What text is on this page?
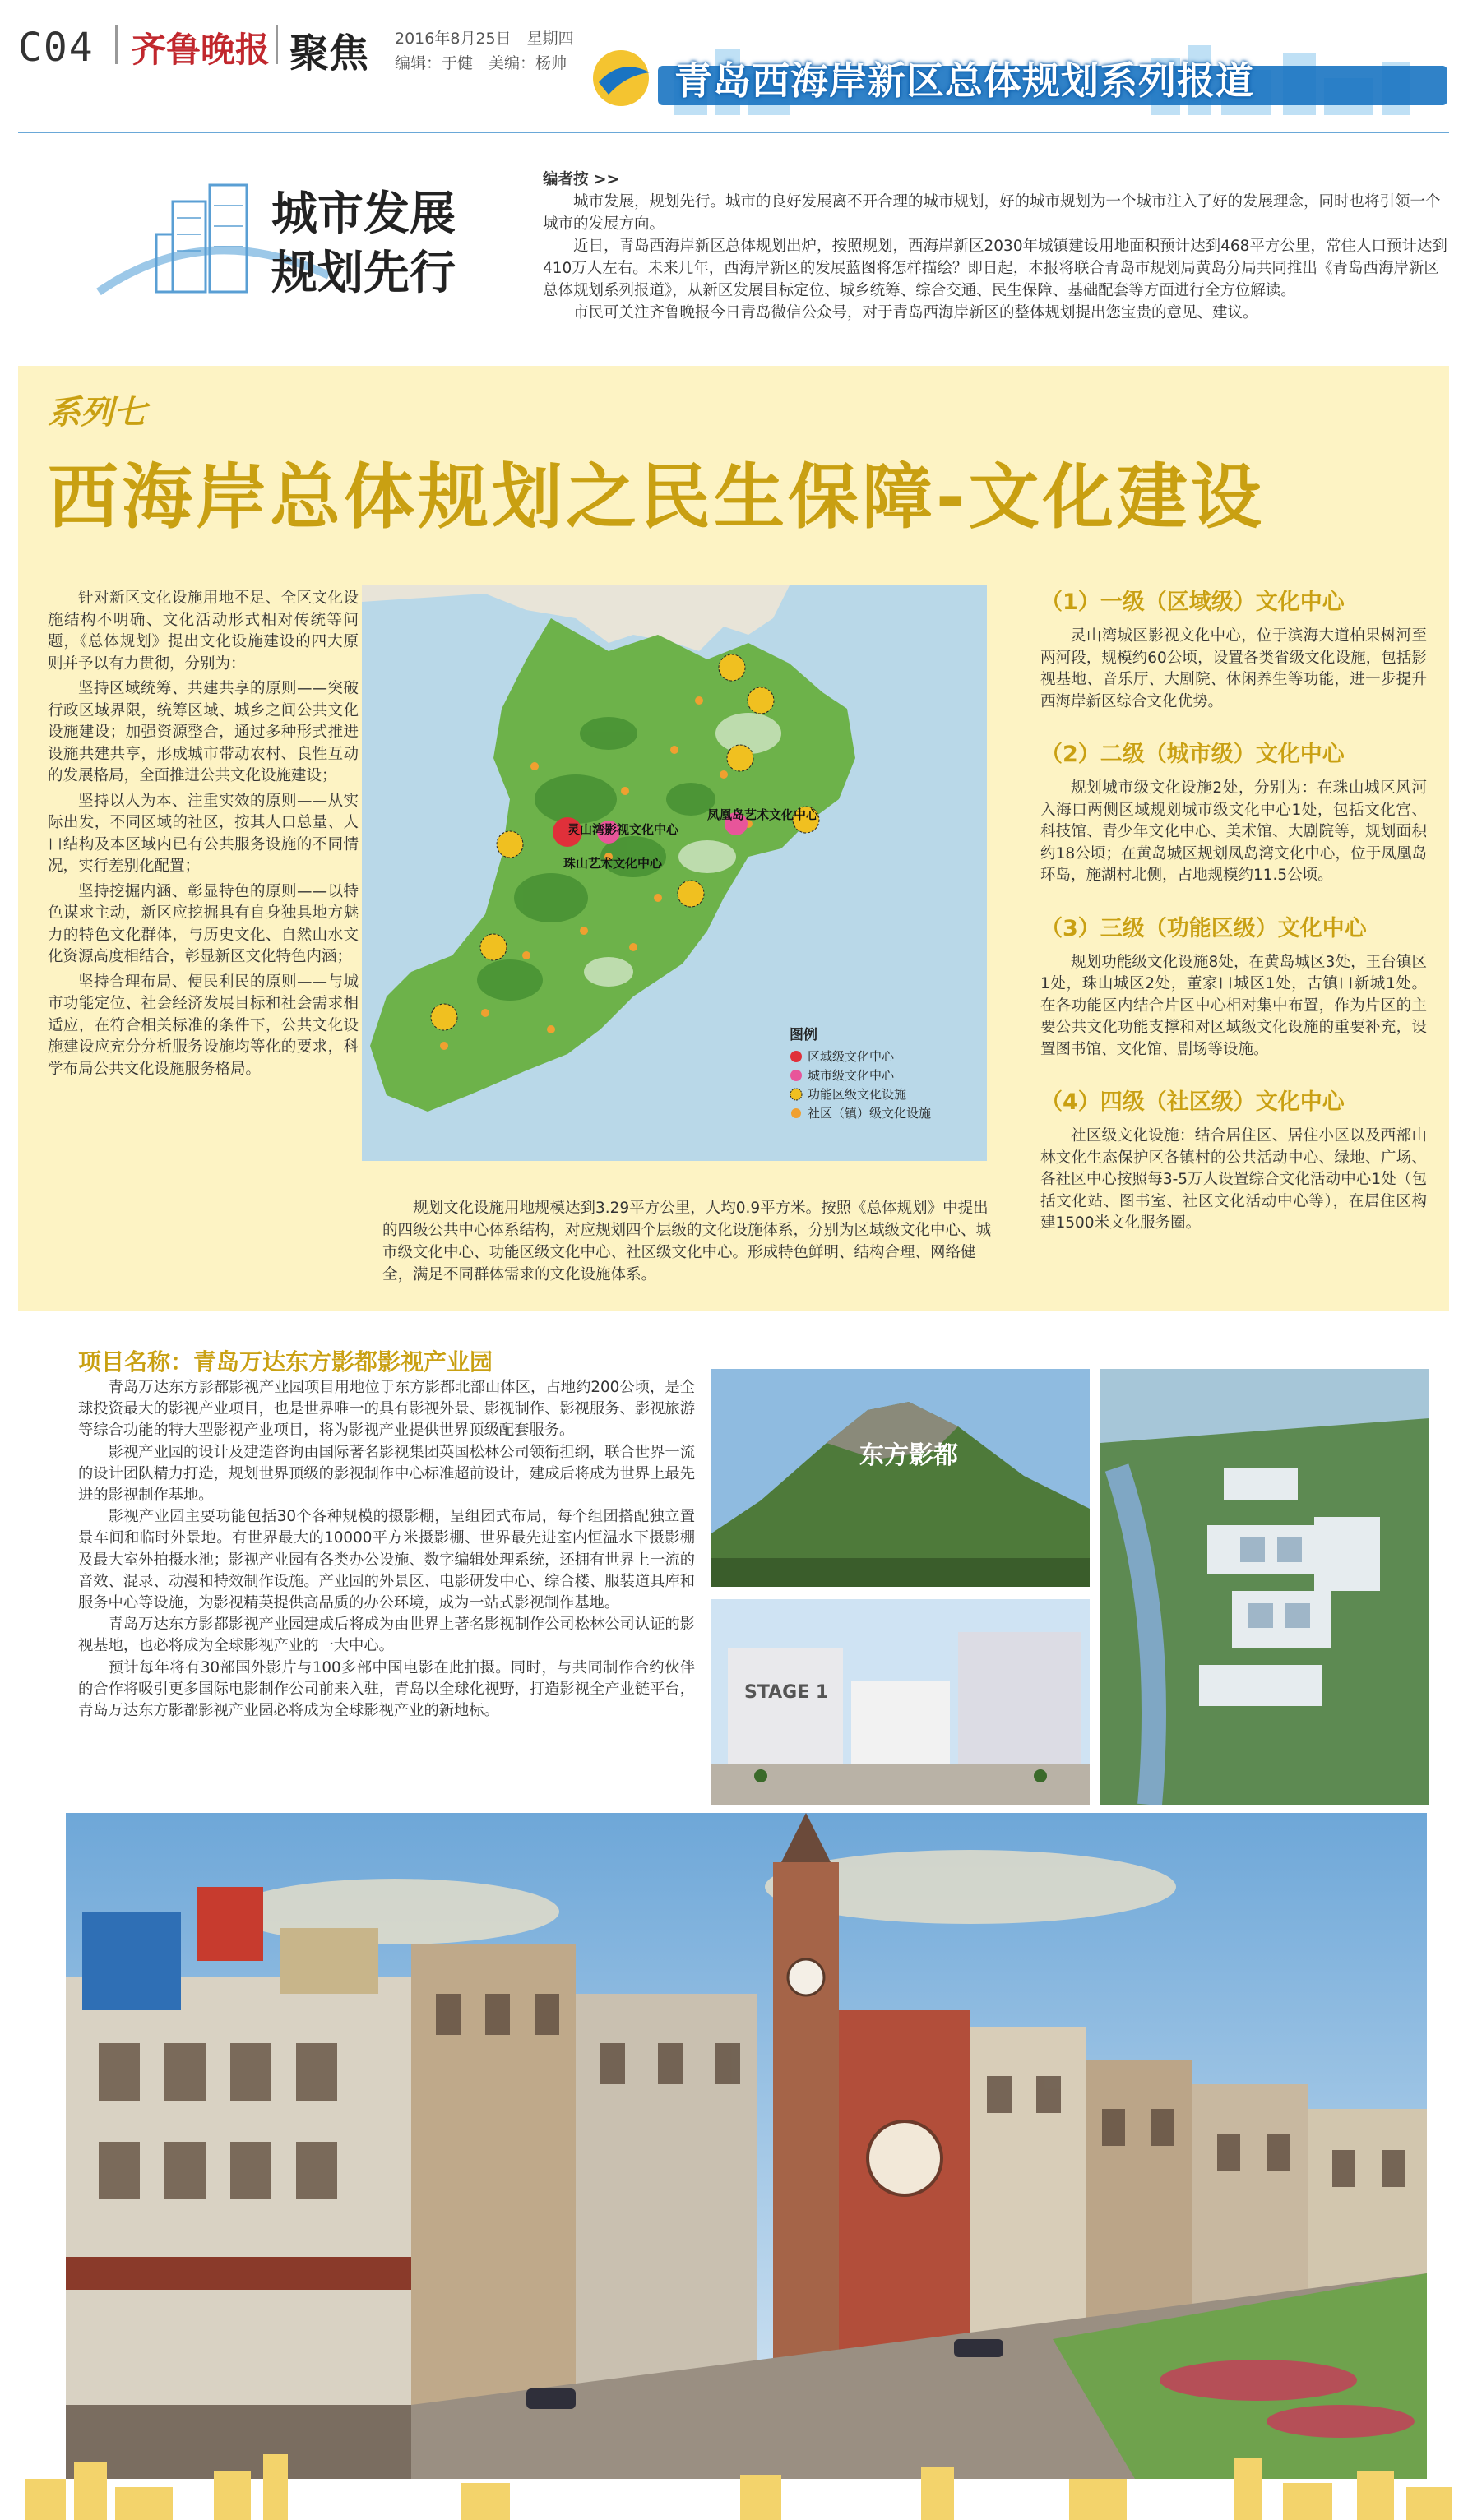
C04 齐鲁晚报 聚焦 2016年8月25日　星期四
编辑：于健　美编：杨帅	青岛西海岸新区总体规划系列报道
城市发展
规划先行

编者按 >>

城市发展，规划先行。城市的良好发展离不开合理的城市规划，好的城市规划为一个城市注入了好的发展理念，同时也将引领一个城市的发展方向。

近日，青岛西海岸新区总体规划出炉，按照规划，西海岸新区2030年城镇建设用地面积预计达到468平方公里，常住人口预计达到410万人左右。未来几年，西海岸新区的发展蓝图将怎样描绘？即日起，本报将联合青岛市规划局黄岛分局共同推出《青岛西海岸新区总体规划系列报道》，从新区发展目标定位、城乡统筹、综合交通、民生保障、基础配套等方面进行全方位解读。

市民可关注齐鲁晚报今日青岛微信公众号，对于青岛西海岸新区的整体规划提出您宝贵的意见、建议。

系列七
西海岸总体规划之民生保障-文化建设

针对新区文化设施用地不足、全区文化设施结构不明确、文化活动形式相对传统等问题，《总体规划》提出文化设施建设的四大原则并予以有力贯彻，分别为：

坚持区域统筹、共建共享的原则——突破行政区域界限，统筹区域、城乡之间公共文化设施建设；加强资源整合，通过多种形式推进设施共建共享，形成城市带动农村、良性互动的发展格局，全面推进公共文化设施建设；

坚持以人为本、注重实效的原则——从实际出发，不同区域的社区，按其人口总量、人口结构及本区域内已有公共服务设施的不同情况，实行差别化配置；

坚持挖掘内涵、彰显特色的原则——以特色谋求主动，新区应挖掘具有自身独具地方魅力的特色文化群体，与历史文化、自然山水文化资源高度相结合，彰显新区文化特色内涵；

坚持合理布局、便民利民的原则——与城市功能定位、社会经济发展目标和社会需求相适应，在符合相关标准的条件下，公共文化设施建设应充分分析服务设施均等化的要求，科学布局公共文化设施服务格局。

灵山湾影视文化中心
凤凰岛艺术文化中心
珠山艺术文化中心
图例
区域级文化中心
城市级文化中心
功能区级文化设施
社区（镇）级文化设施
规划文化设施用地规模达到3.29平方公里，人均0.9平方米。按照《总体规划》中提出的四级公共中心体系结构，对应规划四个层级的文化设施体系，分别为区域级文化中心、城市级文化中心、功能区级文化中心、社区级文化中心。形成特色鲜明、结构合理、网络健全，满足不同群体需求的文化设施体系。
（1）一级（区域级）文化中心
灵山湾城区影视文化中心，位于滨海大道柏果树河至两河段，规模约60公顷，设置各类省级文化设施，包括影视基地、音乐厅、大剧院、休闲养生等功能，进一步提升西海岸新区综合文化优势。
（2）二级（城市级）文化中心
规划城市级文化设施2处，分别为：在珠山城区风河入海口两侧区域规划城市级文化中心1处，包括文化宫、科技馆、青少年文化中心、美术馆、大剧院等，规划面积约18公顷；在黄岛城区规划凤岛湾文化中心，位于凤凰岛环岛，施湖村北侧，占地规模约11.5公顷。
（3）三级（功能区级）文化中心
规划功能级文化设施8处，在黄岛城区3处，王台镇区1处，珠山城区2处，董家口城区1处，古镇口新城1处。在各功能区内结合片区中心相对集中布置，作为片区的主要公共文化功能支撑和对区域级文化设施的重要补充，设置图书馆、文化馆、剧场等设施。
（4）四级（社区级）文化中心
社区级文化设施：结合居住区、居住小区以及西部山林文化生态保护区各镇村的公共活动中心、绿地、广场、各社区中心按照每3-5万人设置综合文化活动中心1处（包括文化站、图书室、社区文化活动中心等），在居住区构建1500米文化服务圈。
项目名称：青岛万达东方影都影视产业园

青岛万达东方影都影视产业园项目用地位于东方影都北部山体区，占地约200公顷，是全球投资最大的影视产业项目，也是世界唯一的具有影视外景、影视制作、影视服务、影视旅游等综合功能的特大型影视产业项目，将为影视产业提供世界顶级配套服务。

影视产业园的设计及建造咨询由国际著名影视集团英国松林公司领衔担纲，联合世界一流的设计团队精力打造，规划世界顶级的影视制作中心标准超前设计，建成后将成为世界上最先进的影视制作基地。

影视产业园主要功能包括30个各种规模的摄影棚，呈组团式布局，每个组团搭配独立置景车间和临时外景地。有世界最大的10000平方米摄影棚、世界最先进室内恒温水下摄影棚及最大室外拍摄水池；影视产业园有各类办公设施、数字编辑处理系统，还拥有世界上一流的音效、混录、动漫和特效制作设施。产业园的外景区、电影研发中心、综合楼、服装道具库和服务中心等设施，为影视精英提供高品质的办公环境，成为一站式影视制作基地。

青岛万达东方影都影视产业园建成后将成为由世界上著名影视制作公司松林公司认证的影视基地，也必将成为全球影视产业的一大中心。

预计每年将有30部国外影片与100多部中国电影在此拍摄。同时，与共同制作合约伙伴的合作将吸引更多国际电影制作公司前来入驻，青岛以全球化视野，打造影视全产业链平台，青岛万达东方影都影视产业园必将成为全球影视产业的新地标。

东方影都
STAGE 1
